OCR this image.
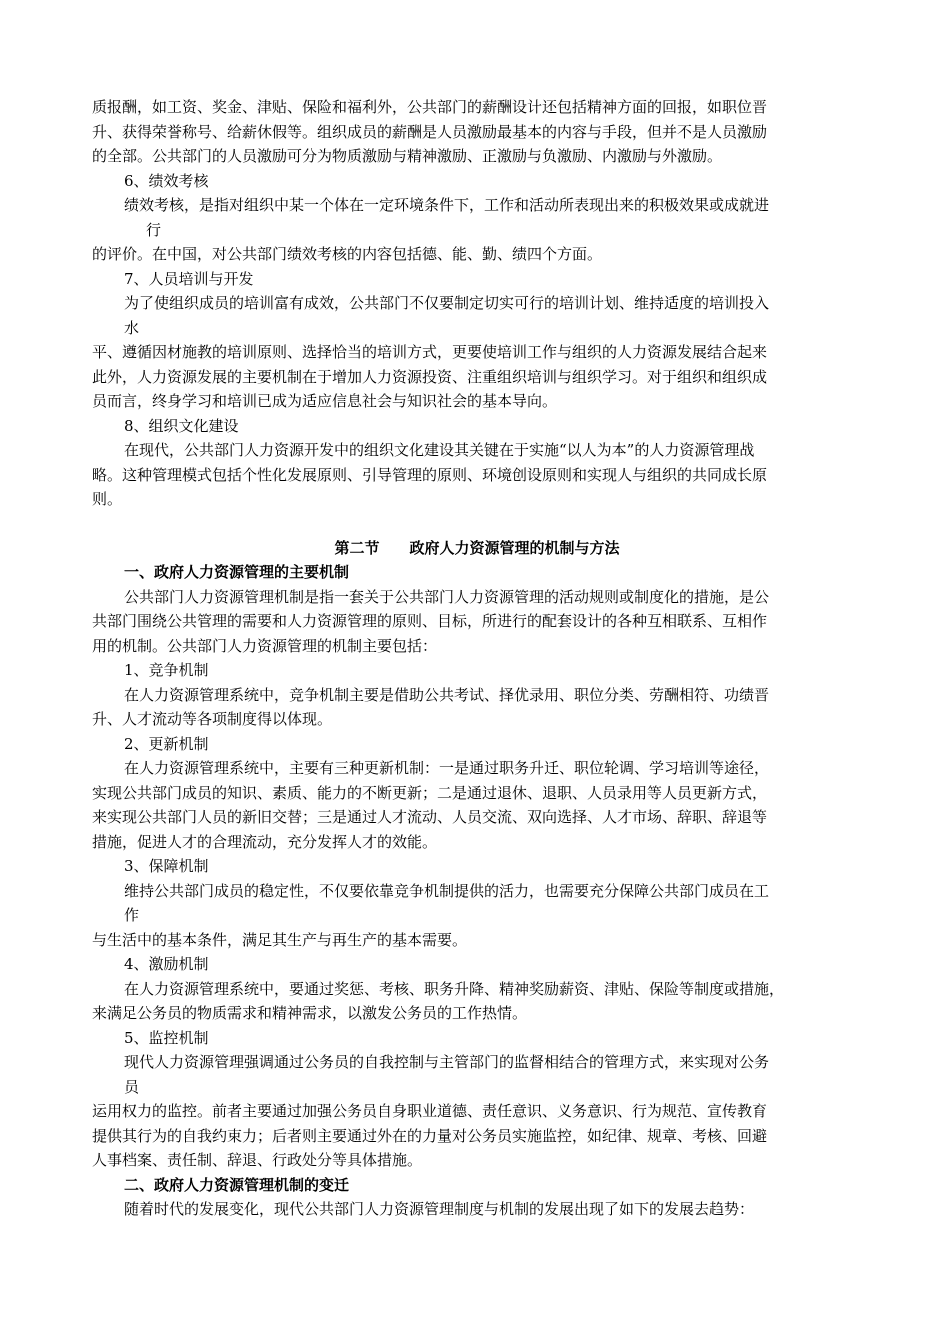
质报酬，如工资、奖金、津贴、保险和福利外，公共部门的薪酬设计还包括精神方面的回报，如职位晋
升、获得荣誉称号、给薪休假等。组织成员的薪酬是人员激励最基本的内容与手段，但并不是人员激励
的全部。公共部门的人员激励可分为物质激励与精神激励、正激励与负激励、内激励与外激励。
6、绩效考核
绩效考核，是指对组织中某一个体在一定环境条件下，工作和活动所表现出来的积极效果或成就进
行
的评价。在中国，对公共部门绩效考核的内容包括德、能、勤、绩四个方面。
7、人员培训与开发
为了使组织成员的培训富有成效，公共部门不仅要制定切实可行的培训计划、维持适度的培训投入
水
平、遵循因材施教的培训原则、选择恰当的培训方式，更要使培训工作与组织的人力资源发展结合起来
此外，人力资源发展的主要机制在于增加人力资源投资、注重组织培训与组织学习。对于组织和组织成
员而言，终身学习和培训已成为适应信息社会与知识社会的基本导向。
8、组织文化建设
在现代，公共部门人力资源开发中的组织文化建设其关键在于实施“以人为本”的人力资源管理战
略。这种管理模式包括个性化发展原则、引导管理的原则、环境创设原则和实现人与组织的共同成长原
则。
第二节　　政府人力资源管理的机制与方法
一、政府人力资源管理的主要机制
公共部门人力资源管理机制是指一套关于公共部门人力资源管理的活动规则或制度化的措施，是公
共部门围绕公共管理的需要和人力资源管理的原则、目标，所进行的配套设计的各种互相联系、互相作
用的机制。公共部门人力资源管理的机制主要包括：
1、竞争机制
在人力资源管理系统中，竞争机制主要是借助公共考试、择优录用、职位分类、劳酬相符、功绩晋
升、人才流动等各项制度得以体现。
2、更新机制
在人力资源管理系统中，主要有三种更新机制：一是通过职务升迁、职位轮调、学习培训等途径，
实现公共部门成员的知识、素质、能力的不断更新；二是通过退休、退职、人员录用等人员更新方式，
来实现公共部门人员的新旧交替；三是通过人才流动、人员交流、双向选择、人才市场、辞职、辞退等
措施，促进人才的合理流动，充分发挥人才的效能。
3、保障机制
维持公共部门成员的稳定性，不仅要依靠竞争机制提供的活力，也需要充分保障公共部门成员在工
作
与生活中的基本条件，满足其生产与再生产的基本需要。
4、激励机制
在人力资源管理系统中，要通过奖惩、考核、职务升降、精神奖励薪资、津贴、保险等制度或措施，
来满足公务员的物质需求和精神需求，以激发公务员的工作热情。
5、监控机制
现代人力资源管理强调通过公务员的自我控制与主管部门的监督相结合的管理方式，来实现对公务
员
运用权力的监控。前者主要通过加强公务员自身职业道德、责任意识、义务意识、行为规范、宣传教育
提供其行为的自我约束力；后者则主要通过外在的力量对公务员实施监控，如纪律、规章、考核、回避
人事档案、责任制、辞退、行政处分等具体措施。
二、政府人力资源管理机制的变迁
随着时代的发展变化，现代公共部门人力资源管理制度与机制的发展出现了如下的发展去趋势：
